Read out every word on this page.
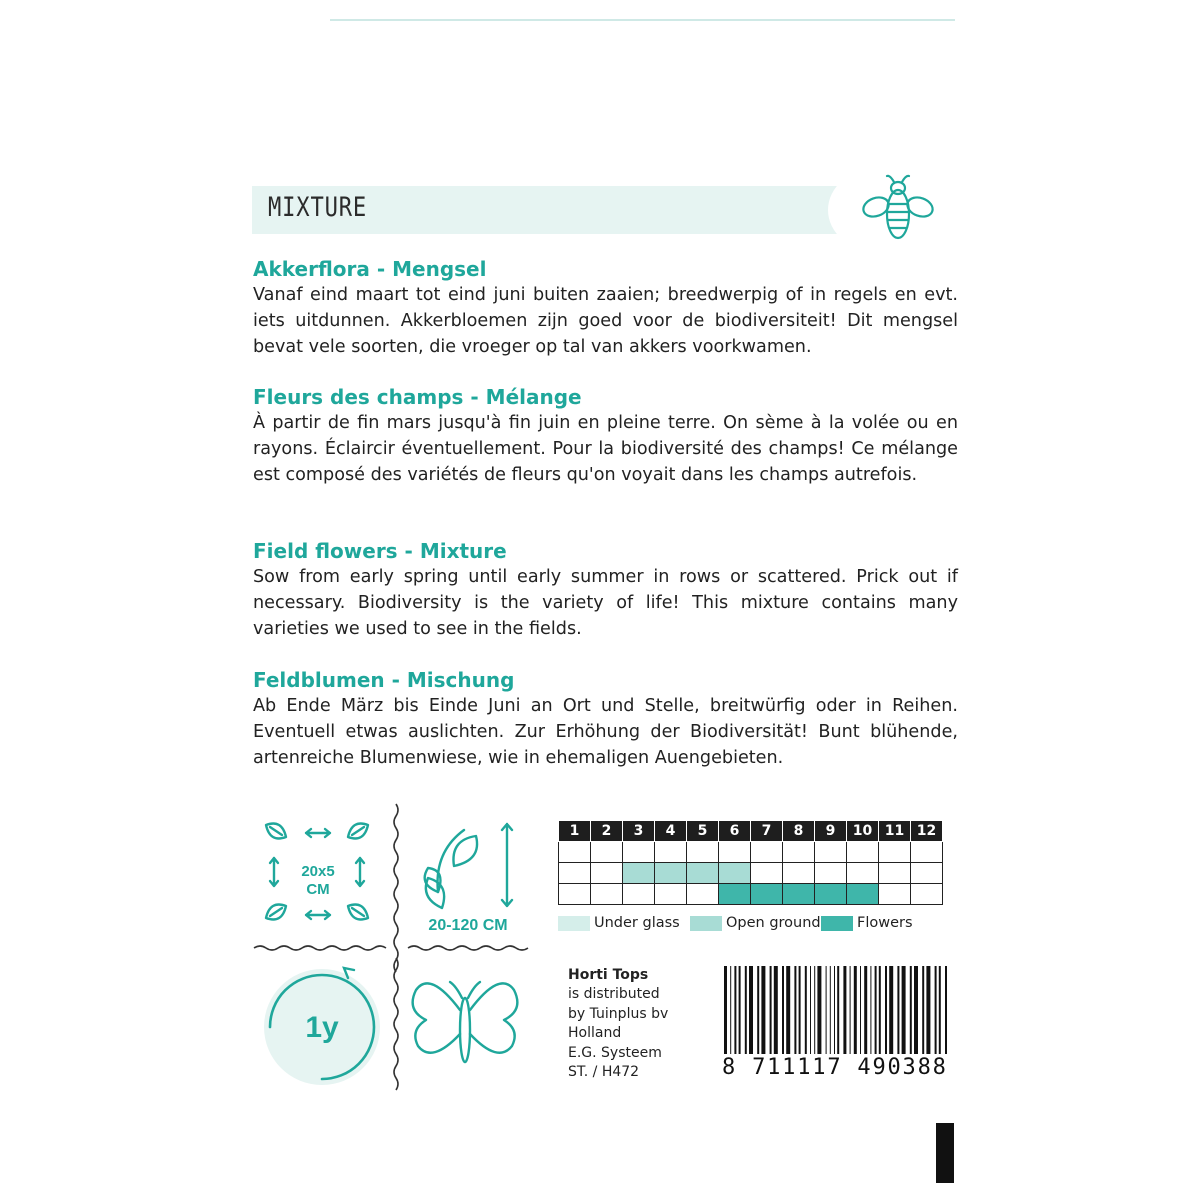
MIXTURE
Akkerflora - Mengsel

Vanaf eind maart tot eind juni buiten zaaien; breedwerpig of in regels en evt. iets uitdunnen. Akkerbloemen zijn goed voor de biodiversiteit! Dit mengsel bevat vele soorten, die vroeger op tal van akkers voorkwamen.

Fleurs des champs - Mélange

À partir de fin mars jusqu'à fin juin en pleine terre. On sème à la volée ou en rayons. Éclaircir éventuellement. Pour la biodiversité des champs! Ce mélange est composé des variétés de fleurs qu'on voyait dans les champs autrefois.

Field flowers - Mixture

Sow from early spring until early summer in rows or scattered. Prick out if necessary. Biodiversity is the variety of life! This mixture contains many varieties we used to see in the fields.

Feldblumen - Mischung

Ab Ende März bis Einde Juni an Ort und Stelle, breitwürfig oder in Reihen. Eventuell etwas auslichten. Zur Erhöhung der Biodiversität! Bunt blühende, artenreiche Blumenwiese, wie in ehemaligen Auengebieten.

20x5
CM
20-120 CM
1y
1	2	3	4	5	6	7	8	9	10	11	12

Under glass	Open ground	Flowers
Horti Tops
is distributed
by Tuinplus bv
Holland
E.G. Systeem
ST. / H472	8 711117 490388
